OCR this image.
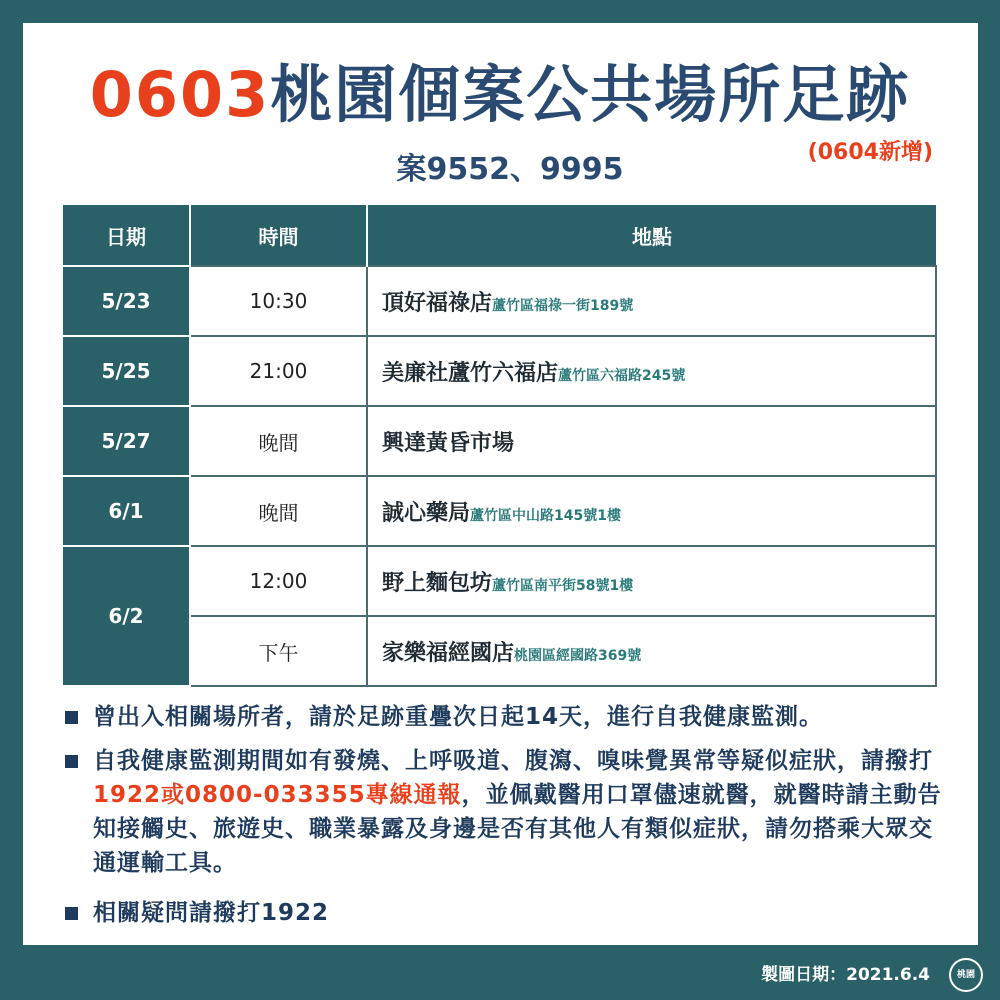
0603桃園個案公共場所足跡
案9552、9995	(0604新增)
日期	時間	地點
5/23	10:30	頂好福祿店蘆竹區福祿一街189號
5/25	21:00	美廉社蘆竹六福店蘆竹區六福路245號
5/27	晚間	興達黃昏市場
6/1	晚間	誠心藥局蘆竹區中山路145號1樓
6/2	12:00	野上麵包坊蘆竹區南平街58號1樓
	下午	家樂福經國店桃園區經國路369號
曾出入相關場所者，請於足跡重疊次日起14天，進行自我健康監測。
自我健康監測期間如有發燒、上呼吸道、腹瀉、嗅味覺異常等疑似症狀，請撥打1922或0800-033355專線通報，並佩戴醫用口罩儘速就醫，就醫時請主動告知接觸史、旅遊史、職業暴露及身邊是否有其他人有類似症狀，請勿搭乘大眾交通運輸工具。
相關疑問請撥打1922
製圖日期：2021.6.4	桃園
